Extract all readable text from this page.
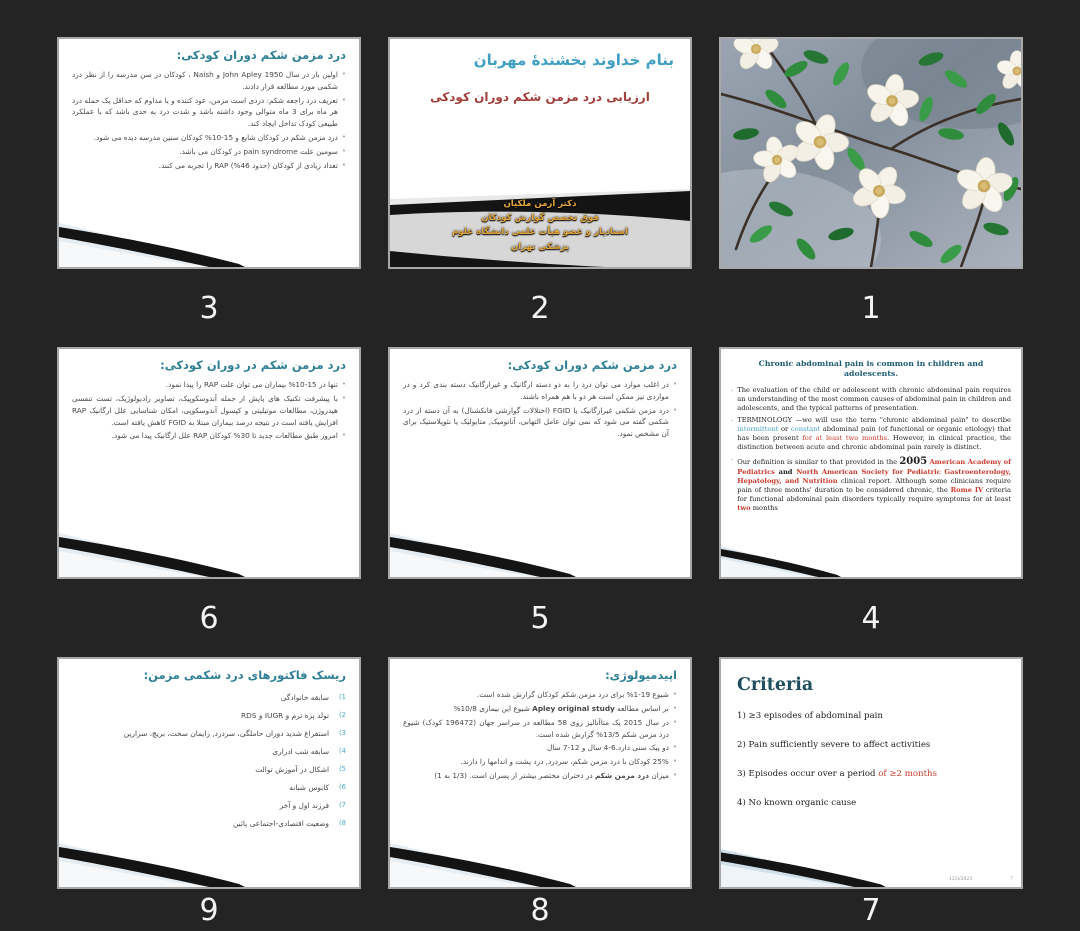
درد مزمن شکم دوران کودکی:
•
اولین بار در سال John Apley 1950 و Naish ، کودکان در سن مدرسه را از نظر درد شکمی مورد مطالعه قرار دادند.
•
تعریف درد راجعه شکم: دردی است مزمن، عود کننده و یا مداوم که حداقل یک حمله درد هر ماه برای 3 ماه متوالی وجود داشته باشد و شدت درد به حدی باشد که با عملکرد طبیعی کودک تداخل ایجاد کند.
•
درد مزمن شکم در کودکان شایع و 15-10% کودکان سنین مدرسه دیده می شود.
•
سومین علت pain syndrome در کودکان می باشد.
•
تعداد زیادی از کودکان (حدود 46%) RAP را تجربه می کنند.
3
بنام خداوند بخشندهٔ مهربان
ارزیابی درد مزمن شکم دوران کودکی
دکتر آرمن ملکیان
فوق تخصص گوارش کودکان
استادیار و عضو هیأت علمی دانشگاه علوم
پزشکی تهران
2	1
درد مزمن شکم در دوران کودکی:
•
تنها در 15-10% بیماران می توان علت RAP را پیدا نمود.
•
با پیشرفت تکنیک های پایش از جمله آندوسکوپیک، تصاویر رادیولوژیک، تست تنفسی هیدروژن، مطالعات موتیلیتی و کپسول آندوسکوپی، امکان شناسایی علل ارگانیک RAP افزایش یافته است در نتیجه درصد بیماران مبتلا به FGID کاهش یافته است.
•
امروز طبق مطالعات جدید تا 30% کودکان RAP علل ارگانیک پیدا می شود.
6
درد مزمن شکم دوران کودکی:
•
در اغلب موارد می توان درد را به دو دسته ارگانیک و غیرارگانیک دسته بندی کرد و در مواردی نیز ممکن است هر دو با هم همراه باشند.
•
درد مزمن شکمی غیرارگانیک یا FGID (اختلالات گوارشی فانکشنال) به آن دسته از درد شکمی گفته می شود که نمی توان عامل التهابی، آناتومیک, متابولیک یا نئوپلاستیک برای آن مشخص نمود.
5
Chronic abdominal pain is common in children and adolescents.
- The evaluation of the child or adolescent with chronic abdominal pain requires an understanding of the most common causes of abdominal pain in children and adolescents, and the typical patterns of presentation.
- TERMINOLOGY —we will use the term "chronic abdominal pain" to describe intermittent or constant abdominal pain (of functional or organic etiology) that has been present for at least two months. However, in clinical practice, the distinction between acute and chronic abdominal pain rarely is distinct.
- Our definition is similar to that provided in the 2005 American Academy of Pediatrics and North American Society for Pediatric Gastroenterology, Hepatology, and Nutrition clinical report. Although some clinicians require pain of three months' duration to be considered chronic, the Rome IV criteria for functional abdominal pain disorders typically require symptoms for at least two months
4
ریسک فاکتورهای درد شکمی مزمن:
(1
سابقه خانوادگی
(2
تولد پره ترم و IUGR و RDS
(3
استفراغ شدید دوران حاملگی، سردرد, زایمان سخت، بریچ، سزارین
(4
سابقه شب ادراری
(5
اشکال در آموزش توالت
(6
کابوس شبانه
(7
فرزند اول و آخر
(8
وضعیت اقتصادی-اجتماعی پائین
9
اپیدمیولوژی:
•
شیوع 19-1% برای درد مزمن شکم کودکان گزارش شده است.
•
بر اساس مطالعه Apley original study شیوع این بیماری 10/8%
•
در سال 2015 یک متاآنالیز روی 58 مطالعه در سراسر جهان (196472 کودک) شیوع درد مزمن شکم 13/5% گزارش شده است.
•
دو پیک سنی دارد.6-4 سال و 12-7 سال
•
25% کودکان با درد مزمن شکم، سردرد, درد پشت و اندامها را دارند.
•
میزان درد مزمن شکم در دختران مختصر بیشتر از پسران است. (1/3 به 1)
8
Criteria
1) ≥3 episodes of abdominal pain
2) Pain sufficiently severe to affect activities
3) Episodes occur over a period of ≥2 months
4) No known organic cause
12/3/2023	7
7
